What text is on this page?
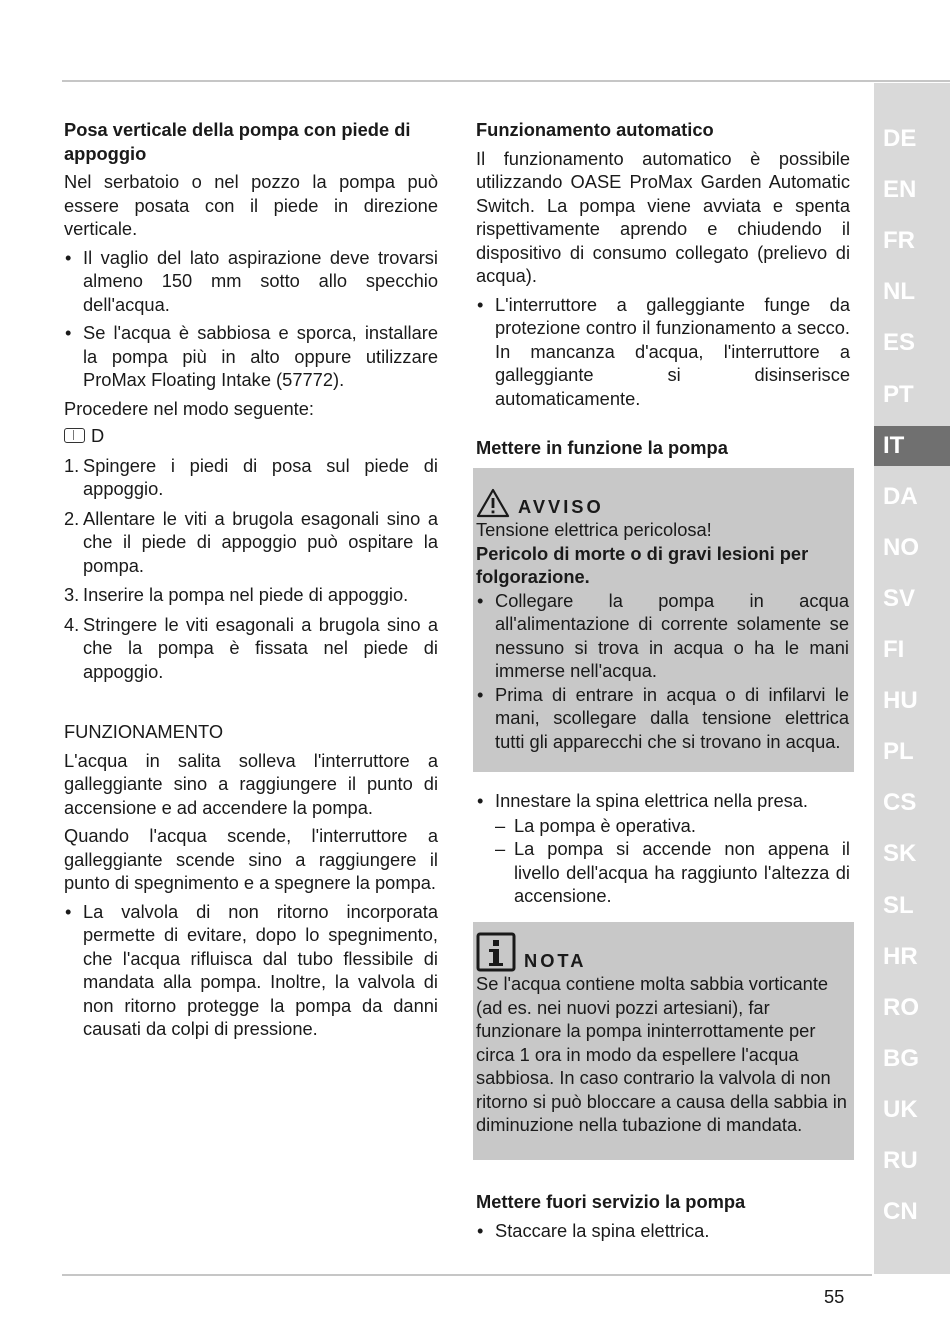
DE
EN
FR
NL
ES
PT
IT
DA
NO
SV
FI
HU
PL
CS
SK
SL
HR
RO
BG
UK
RU
CN
Posa verticale della pompa con piede di appoggio

Nel serbatoio o nel pozzo la pompa può essere posata con il piede in direzione verticale.

• Il vaglio del lato aspirazione deve trovarsi almeno 150 mm sotto allo specchio dell'acqua.
• Se l'acqua è sabbiosa e sporca, installare la pompa più in alto oppure utilizzare ProMax Floating Intake (57772).

Procedere nel modo seguente:

D
1. Spingere i piedi di posa sul piede di appoggio.
2. Allentare le viti a brugola esagonali sino a che il piede di appoggio può ospitare la pompa.
3. Inserire la pompa nel piede di appoggio.
4. Stringere le viti esagonali a brugola sino a che la pompa è fissata nel piede di appoggio.
FUNZIONAMENTO

L'acqua in salita solleva l'interruttore a galleggiante sino a raggiungere il punto di accensione e ad accendere la pompa.

Quando l'acqua scende, l'interruttore a galleggiante scende sino a raggiungere il punto di spegnimento e a spegnere la pompa.

• La valvola di non ritorno incorporata permette di evitare, dopo lo spegnimento, che l'acqua rifluisca dal tubo flessibile di mandata alla pompa. Inoltre, la valvola di non ritorno protegge la pompa da danni causati da colpi di pressione.
Funzionamento automatico

Il funzionamento automatico è possibile utilizzando OASE ProMax Garden Automatic Switch. La pompa viene avviata e spenta rispettivamente aprendo e chiudendo il dispositivo di consumo collegato (prelievo di acqua).

• L'interruttore a galleggiante funge da protezione contro il funzionamento a secco. In mancanza d'acqua, l'interruttore a galleggiante si disinserisce automaticamente.
Mettere in funzione la pompa
AVVISO

Tensione elettrica pericolosa!

Pericolo di morte o di gravi lesioni per folgorazione.

• Collegare la pompa in acqua all'alimentazione di corrente solamente se nessuno si trova in acqua o ha le mani immerse nell'acqua.
• Prima di entrare in acqua o di infilarvi le mani, scollegare dalla tensione elettrica tutti gli apparecchi che si trovano in acqua.
• Innestare la spina elettrica nella presa.
– La pompa è operativa.
– La pompa si accende non appena il livello dell'acqua ha raggiunto l'altezza di accensione.
NOTA

Se l'acqua contiene molta sabbia vorticante (ad es. nei nuovi pozzi artesiani), far funzionare la pompa ininterrottamente per circa 1 ora in modo da espellere l'acqua sabbiosa. In caso contrario la valvola di non ritorno si può bloccare a causa della sabbia in diminuzione nella tubazione di mandata.

Mettere fuori servizio la pompa
• Staccare la spina elettrica.
55
